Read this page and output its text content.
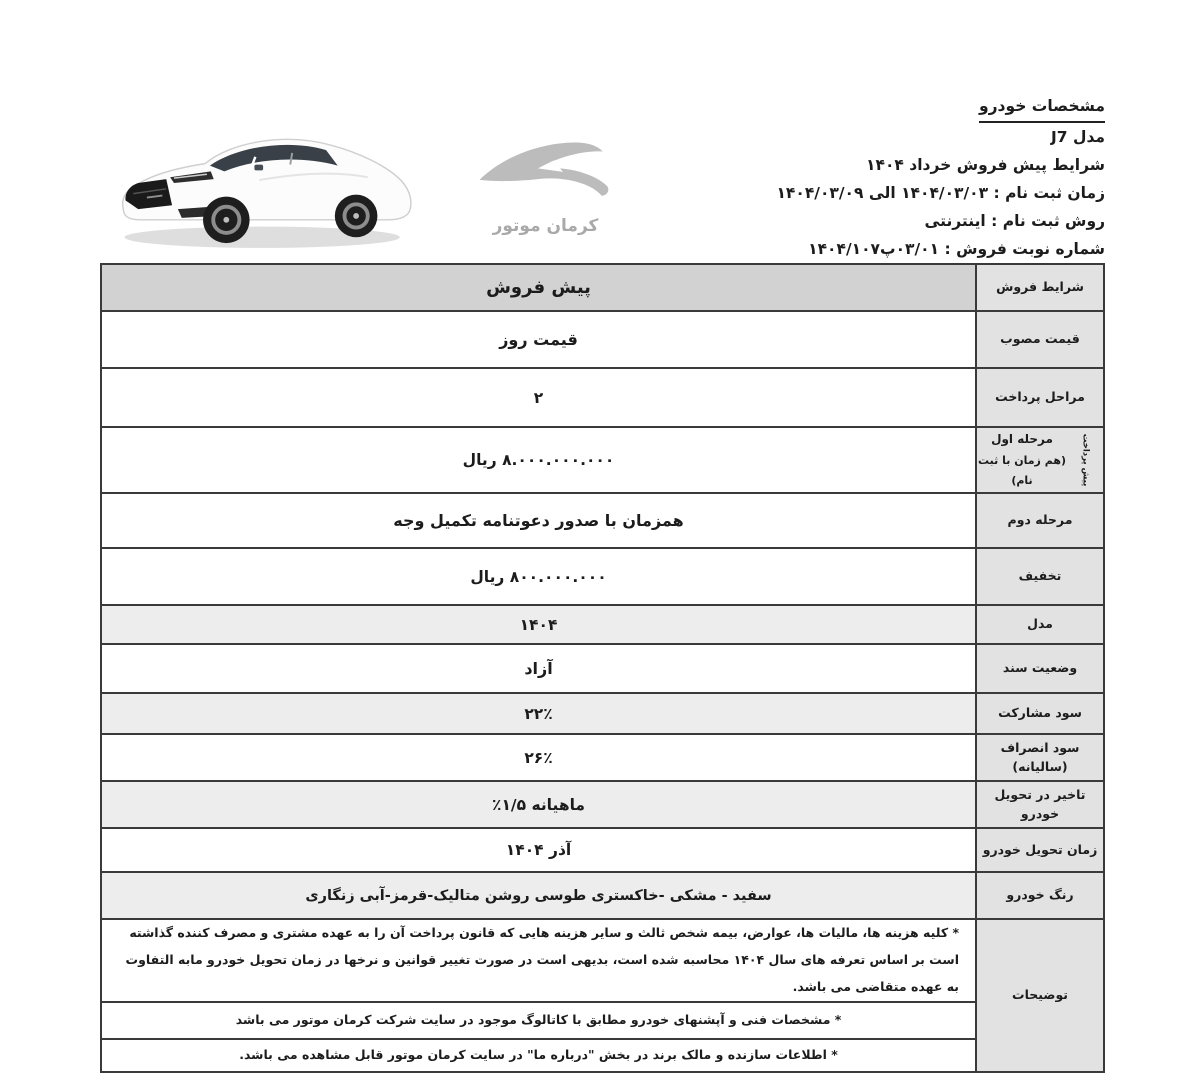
کرمان موتور
مشخصات خودرو
مدل J7
شرایط پیش فروش خرداد ۱۴۰۴
زمان ثبت نام : ۱۴۰۴/۰۳/۰۳ الی ۱۴۰۴/۰۳/۰۹
روش ثبت نام : اینترنتی
شماره نوبت فروش : ۰۳/۰۱پ۱۴۰۴/۱۰۷
شرایط فروش
پیش فروش
قیمت مصوب
قیمت روز
مراحل پرداخت
۲
پیش پرداخت
مرحله اول
(هم زمان با ثبت نام)
۸.۰۰۰.۰۰۰.۰۰۰ ریال
مرحله دوم
همزمان با صدور دعوتنامه تکمیل وجه
تخفیف
۸۰۰.۰۰۰.۰۰۰ ریال
مدل
۱۴۰۴
وضعیت سند
آزاد
سود مشارکت
۲۲٪
سود انصراف (سالیانه)
۲۶٪
تاخیر در تحویل خودرو
ماهیانه ۱/۵٪
زمان تحویل خودرو
آذر ۱۴۰۴
رنگ خودرو
سفید - مشکی -خاکستری طوسی روشن متالیک-قرمز-آبی زنگاری
توضیحات
* کلیه هزینه ها، مالیات ها، عوارض، بیمه شخص ثالث و سایر هزینه هایی که قانون پرداخت آن را به عهده مشتری و مصرف کننده گذاشته است بر اساس تعرفه های سال ۱۴۰۴ محاسبه شده است، بدیهی است در صورت تغییر قوانین و نرخها در زمان تحویل خودرو مابه التفاوت به عهده متقاضی می باشد.
* مشخصات فنی و آپشنهای خودرو مطابق با کاتالوگ موجود در سایت شرکت کرمان موتور می باشد
* اطلاعات سازنده و مالک برند در بخش "درباره ما" در سایت کرمان موتور قابل مشاهده می باشد.
